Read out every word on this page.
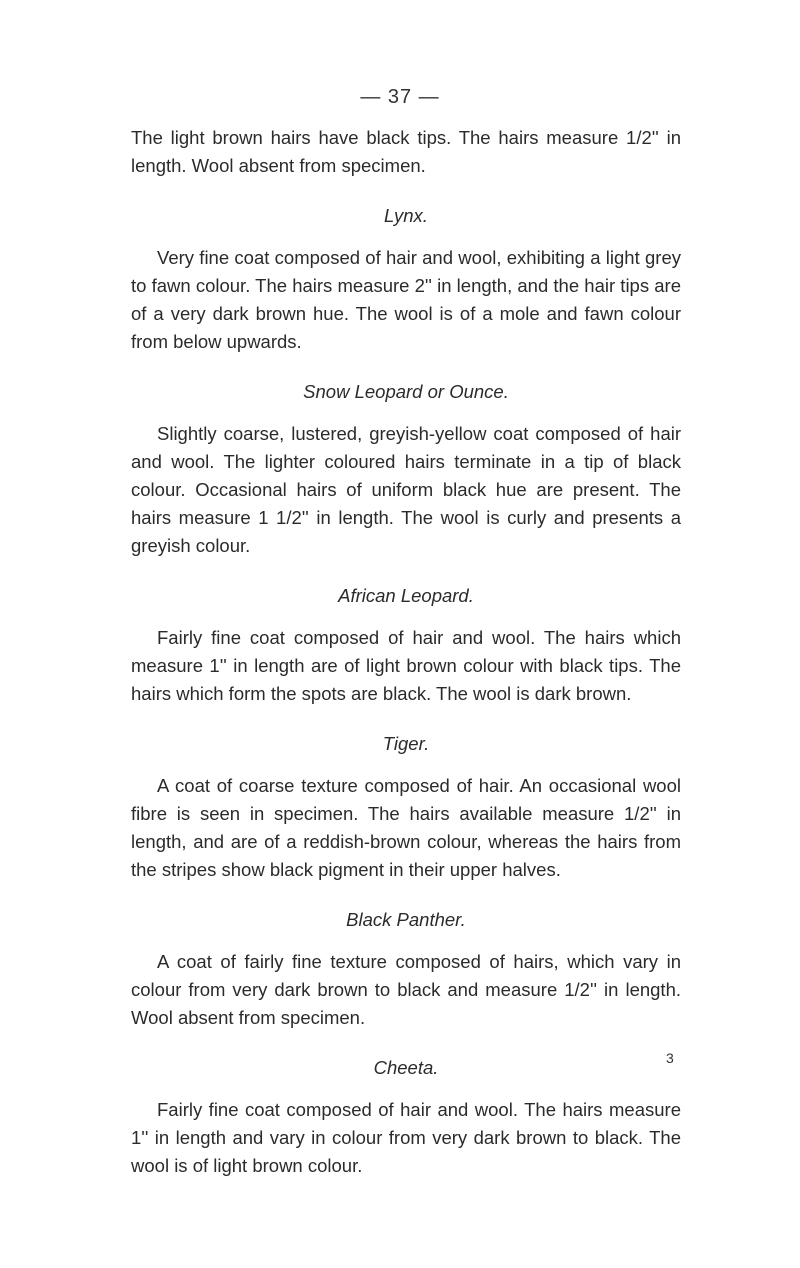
— 37 —

The light brown hairs have black tips. The hairs measure 1/2'' in length. Wool absent from specimen.

Lynx.

Very fine coat composed of hair and wool, exhibiting a light grey to fawn colour. The hairs measure 2'' in length, and the hair tips are of a very dark brown hue. The wool is of a mole and fawn colour from below upwards.

Snow Leopard or Ounce.

Slightly coarse, lustered, greyish-yellow coat composed of hair and wool. The lighter coloured hairs terminate in a tip of black colour. Occasional hairs of uniform black hue are present. The hairs measure 1 1/2'' in length. The wool is curly and presents a greyish colour.

African Leopard.

Fairly fine coat composed of hair and wool. The hairs which measure 1'' in length are of light brown colour with black tips. The hairs which form the spots are black. The wool is dark brown.

Tiger.

A coat of coarse texture composed of hair. An occasional wool fibre is seen in specimen. The hairs available measure 1/2'' in length, and are of a reddish-brown colour, whereas the hairs from the stripes show black pigment in their upper halves.

Black Panther.

A coat of fairly fine texture composed of hairs, which vary in colour from very dark brown to black and measure 1/2'' in length. Wool absent from specimen.

Cheeta.

Fairly fine coat composed of hair and wool. The hairs measure 1'' in length and vary in colour from very dark brown to black. The wool is of light brown colour.

3
